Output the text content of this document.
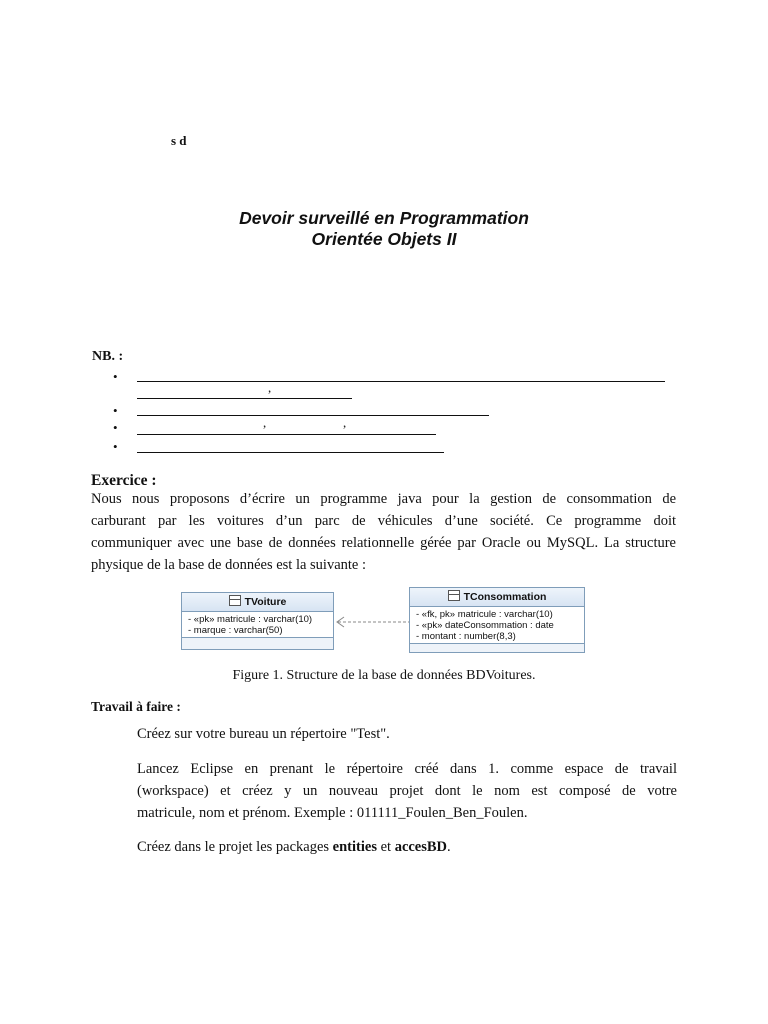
s d
Devoir surveillé en Programmation
Orientée Objets II
NB. :
•
,
•
•	,	,
•
Exercice :
Nous nous proposons d’écrire un programme java pour la gestion de consommation de
carburant par les voitures d’un parc de véhicules d’une société. Ce programme doit
communiquer avec une base de données relationnelle gérée par Oracle ou MySQL. La structure
physique de la base de données est la suivante :
TVoiture
- «pk» matricule : varchar(10)
- marque : varchar(50)
TConsommation
- «fk, pk» matricule : varchar(10)
- «pk» dateConsommation : date
- montant : number(8,3)
Figure 1. Structure de la base de données BDVoitures.
Travail à faire :
Créez sur votre bureau un répertoire "Test".
Lancez Eclipse en prenant le répertoire créé dans 1. comme espace de travail
(workspace) et créez y un nouveau projet dont le nom est composé de votre
matricule, nom et prénom. Exemple : 011111_Foulen_Ben_Foulen.
Créez dans le projet les packages entities et accesBD.
